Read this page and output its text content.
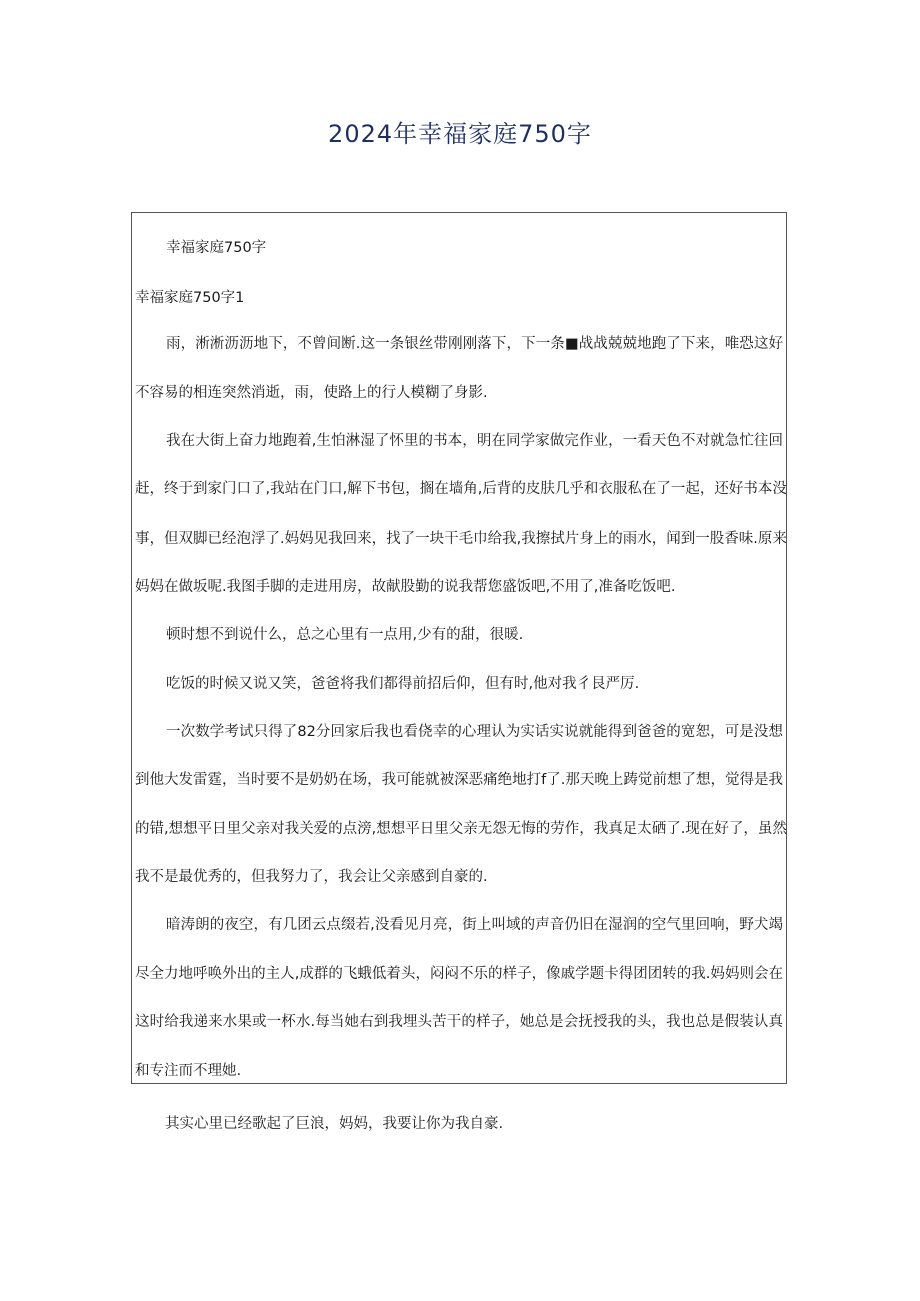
2024年幸福家庭750字

幸福家庭750字

幸福家庭750字1

雨，淅淅沥沥地下，不曾间断.这一条银丝带刚刚落下，下一条■战战兢兢地跑了下来，唯恐这好

不容易的相连突然消逝，雨，使路上的行人模糊了身影.

我在大街上奋力地跑着,生怕淋湿了怀里的书本，明在同学家做完作业，一看天色不对就急忙往回

赶，终于到家门口了,我站在门口,解下书包，搁在墙角,后背的皮肤几乎和衣服私在了一起，还好书本没

事，但双脚已经泡浮了.妈妈见我回来，找了一块干毛巾给我,我擦拭片身上的雨水，闻到一股香味.原来

妈妈在做坂呢.我图手脚的走进用房，故献股勤的说我帮您盛饭吧,不用了,准备吃饭吧.

顿时想不到说什么，总之心里有一点用,少有的甜，很暖.

吃饭的时候又说又笑，爸爸将我们都得前招后仰，但有时,他对我彳艮严厉.

一次数学考试只得了82分回家后我也看侥幸的心理认为实话实说就能得到爸爸的宽恕，可是没想

到他大发雷霆，当时要不是奶奶在场，我可能就被深恶痛绝地打f了.那天晚上踌觉前想了想，觉得是我

的错,想想平日里父亲对我关爱的点滂,想想平日里父亲无怨无悔的劳作，我真足太硒了.现在好了，虽然

我不是最优秀的，但我努力了，我会让父亲感到自豪的.

暗涛朗的夜空，有几团云点缀若,没看见月亮，街上叫域的声音仍旧在湿润的空气里回响，野犬竭

尽全力地呼唤外出的主人,成群的飞蛾低着头，闷闷不乐的样子，像戚学题卡得团团转的我.妈妈则会在

这时给我递来水果或一杯水.每当她右到我埋头苦干的样子，她总是会抚授我的头，我也总是假装认真

和专注而不理她.

其实心里已经歌起了巨浪，妈妈，我要让你为我自豪.
